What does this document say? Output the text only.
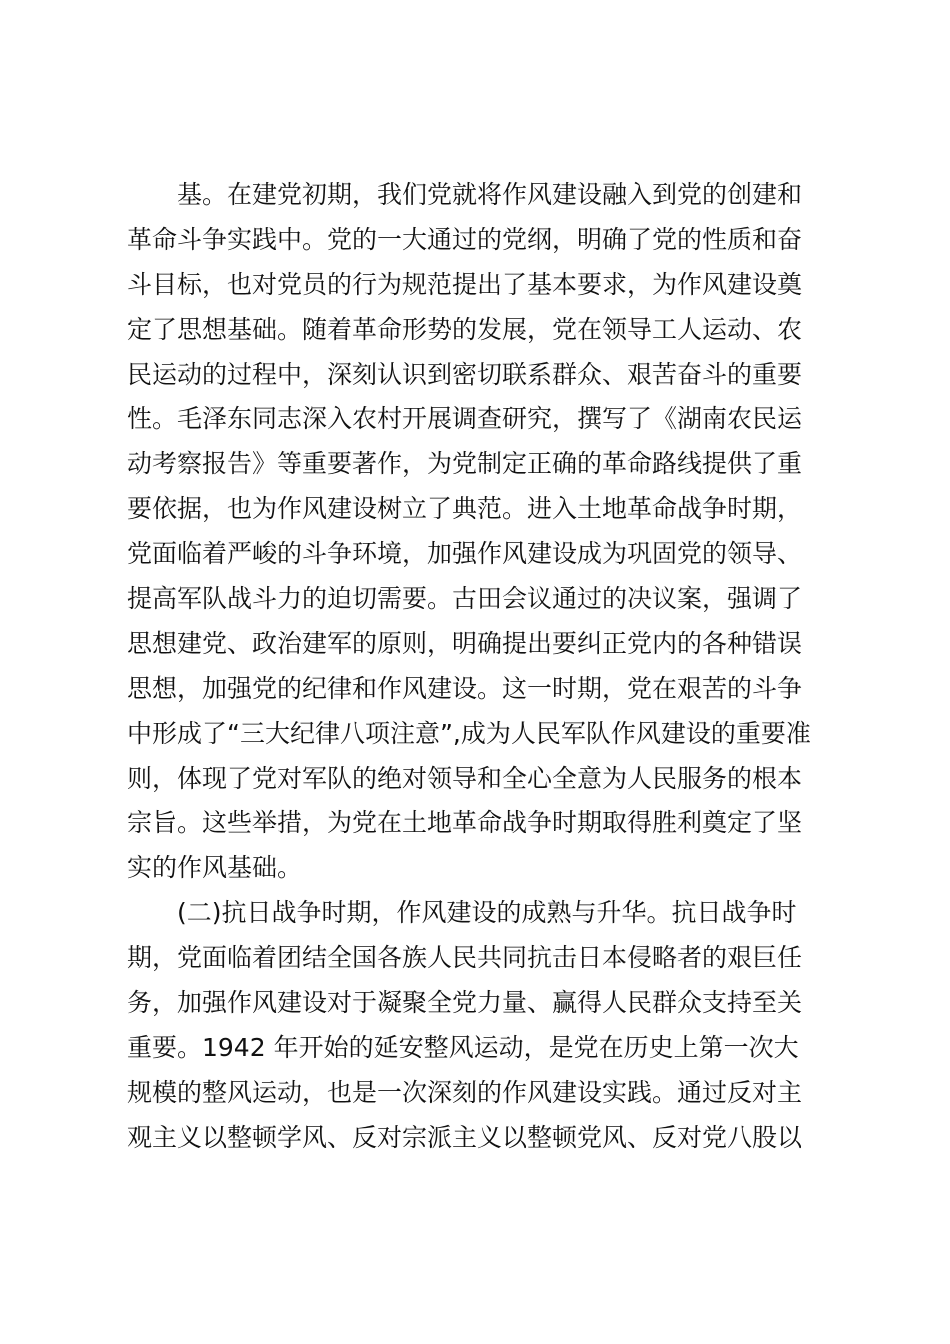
基。在建党初期，我们党就将作风建设融入到党的创建和
革命斗争实践中。党的一大通过的党纲，明确了党的性质和奋
斗目标，也对党员的行为规范提出了基本要求，为作风建设奠
定了思想基础。随着革命形势的发展，党在领导工人运动、农
民运动的过程中，深刻认识到密切联系群众、艰苦奋斗的重要
性。毛泽东同志深入农村开展调查研究，撰写了《湖南农民运
动考察报告》等重要著作，为党制定正确的革命路线提供了重
要依据，也为作风建设树立了典范。进入土地革命战争时期，
党面临着严峻的斗争环境，加强作风建设成为巩固党的领导、
提高军队战斗力的迫切需要。古田会议通过的决议案，强调了
思想建党、政治建军的原则，明确提出要纠正党内的各种错误
思想，加强党的纪律和作风建设。这一时期，党在艰苦的斗争
中形成了“三大纪律八项注意”,成为人民军队作风建设的重要准
则，体现了党对军队的绝对领导和全心全意为人民服务的根本
宗旨。这些举措，为党在土地革命战争时期取得胜利奠定了坚
实的作风基础。
(二)抗日战争时期，作风建设的成熟与升华。抗日战争时
期，党面临着团结全国各族人民共同抗击日本侵略者的艰巨任
务，加强作风建设对于凝聚全党力量、赢得人民群众支持至关
重要。1942 年开始的延安整风运动，是党在历史上第一次大
规模的整风运动，也是一次深刻的作风建设实践。通过反对主
观主义以整顿学风、反对宗派主义以整顿党风、反对党八股以
